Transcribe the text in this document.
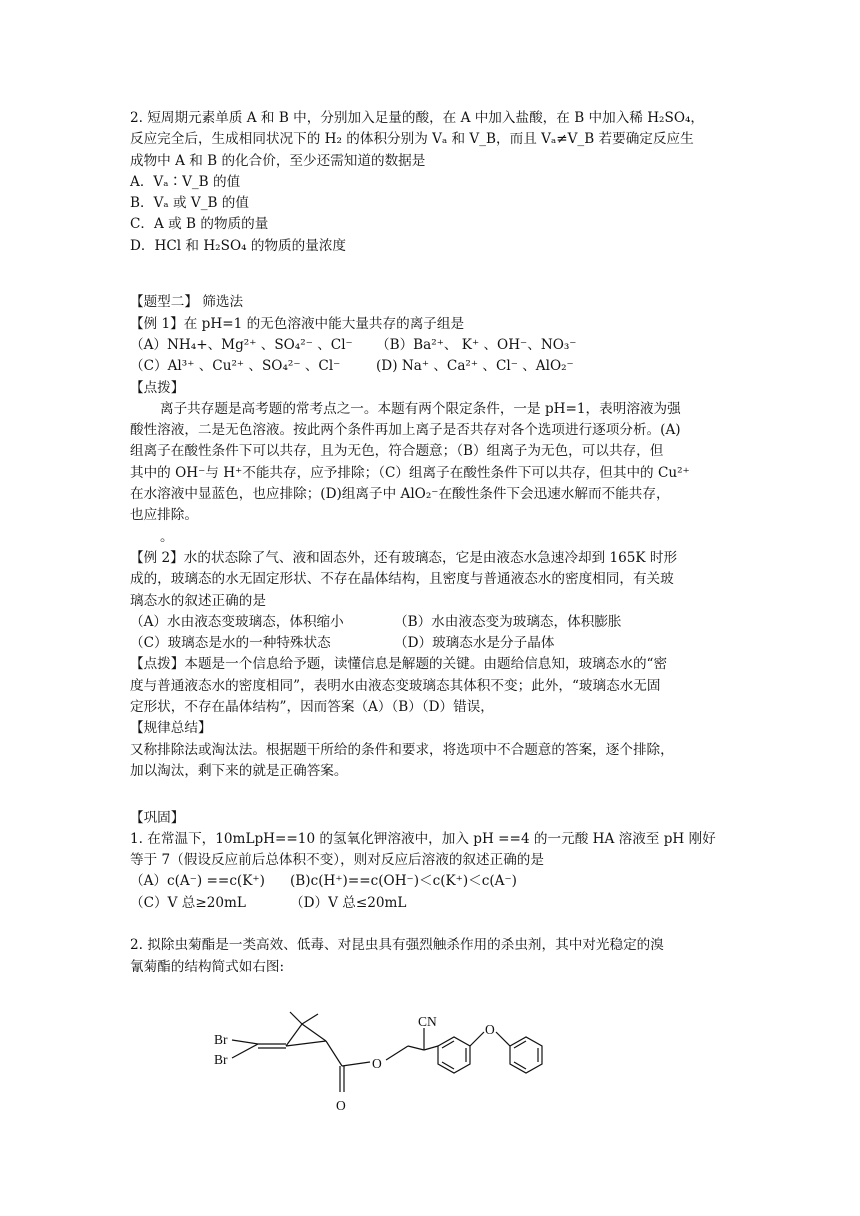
2. 短周期元素单质 A 和 B 中，分别加入足量的酸，在 A 中加入盐酸，在 B 中加入稀 H₂SO₄，
反应完全后，生成相同状况下的 H₂ 的体积分别为 Vₐ 和 V_B，而且 Vₐ≠V_B 若要确定反应生
成物中 A 和 B 的化合价，至少还需知道的数据是
A．Vₐ∶V_B 的值
B．Vₐ 或 V_B 的值
C．A 或 B 的物质的量
D．HCl 和 H₂SO₄ 的物质的量浓度
【题型二】 筛选法
【例 1】在 pH=1 的无色溶液中能大量共存的离子组是
（A）NH₄+、Mg²⁺ 、SO₄²⁻ 、Cl⁻	（B）Ba²⁺、 K⁺ 、OH⁻、NO₃⁻
（C）Al³⁺ 、Cu²⁺ 、SO₄²⁻ 、Cl⁻	(D) Na⁺ 、Ca²⁺ 、Cl⁻ 、AlO₂⁻
【点拨】
离子共存题是高考题的常考点之一。本题有两个限定条件，一是 pH=1，表明溶液为强
酸性溶液，二是无色溶液。按此两个条件再加上离子是否共存对各个选项进行逐项分析。(A)
组离子在酸性条件下可以共存，且为无色，符合题意；（B）组离子为无色，可以共存，但
其中的 OH⁻与 H⁺不能共存，应予排除；（C）组离子在酸性条件下可以共存，但其中的 Cu²⁺
在水溶液中显蓝色，也应排除；(D)组离子中 AlO₂⁻在酸性条件下会迅速水解而不能共存，
也应排除。
。
【例 2】水的状态除了气、液和固态外，还有玻璃态，它是由液态水急速冷却到 165K 时形
成的，玻璃态的水无固定形状、不存在晶体结构，且密度与普通液态水的密度相同，有关玻
璃态水的叙述正确的是
（A）水由液态变玻璃态，体积缩小	（B）水由液态变为玻璃态，体积膨胀
（C）玻璃态是水的一种特殊状态	（D）玻璃态水是分子晶体
【点拨】本题是一个信息给予题，读懂信息是解题的关键。由题给信息知，玻璃态水的“密
度与普通液态水的密度相同”，表明水由液态变玻璃态其体积不变；此外，“玻璃态水无固
定形状，不存在晶体结构”，因而答案（A）（B）（D）错误，
【规律总结】
又称排除法或淘汰法。根据题干所给的条件和要求，将选项中不合题意的答案，逐个排除，
加以淘汰，剩下来的就是正确答案。
【巩固】
1. 在常温下，10mLpH==10 的氢氧化钾溶液中，加入 pH ==4 的一元酸 HA 溶液至 pH 刚好
等于 7（假设反应前后总体积不变），则对反应后溶液的叙述正确的是
（A）c(A⁻) ==c(K⁺)	(B)c(H⁺)==c(OH⁻)＜c(K⁺)＜c(A⁻)
（C）V 总≥20mL	（D）V 总≤20mL
2. 拟除虫菊酯是一类高效、低毒、对昆虫具有强烈触杀作用的杀虫剂，其中对光稳定的溴
氰菊酯的结构简式如右图:
Br
Br
CN
O
O
O
